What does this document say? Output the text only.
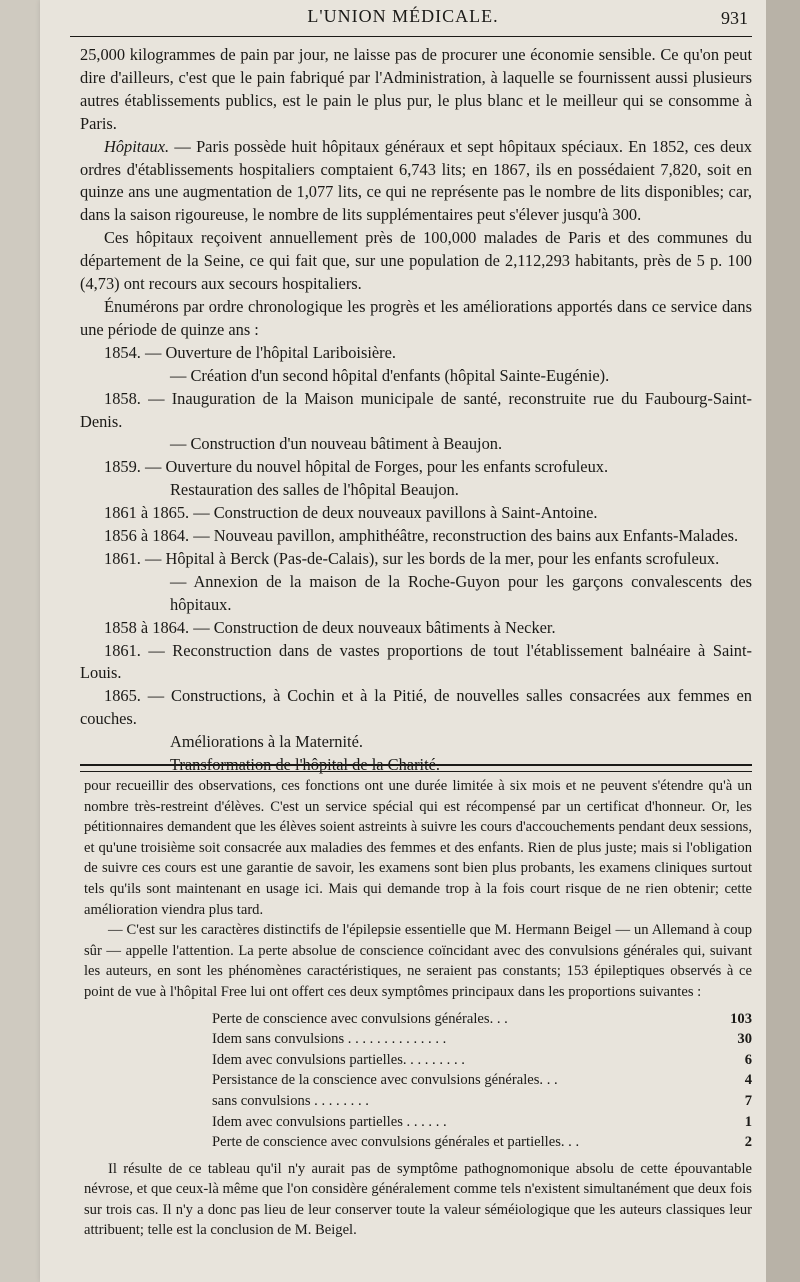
L'UNION MÉDICALE.	931

25,000 kilogrammes de pain par jour, ne laisse pas de procurer une économie sensible. Ce qu'on peut dire d'ailleurs, c'est que le pain fabriqué par l'Administration, à laquelle se fournissent aussi plusieurs autres établissements publics, est le pain le plus pur, le plus blanc et le meilleur qui se consomme à Paris.

Hôpitaux. — Paris possède huit hôpitaux généraux et sept hôpitaux spéciaux. En 1852, ces deux ordres d'établissements hospitaliers comptaient 6,743 lits; en 1867, ils en possédaient 7,820, soit en quinze ans une augmentation de 1,077 lits, ce qui ne représente pas le nombre de lits disponibles; car, dans la saison rigoureuse, le nombre de lits supplémentaires peut s'élever jusqu'à 300.

Ces hôpitaux reçoivent annuellement près de 100,000 malades de Paris et des communes du département de la Seine, ce qui fait que, sur une population de 2,112,293 habitants, près de 5 p. 100 (4,73) ont recours aux secours hospitaliers.

Énumérons par ordre chronologique les progrès et les améliorations apportés dans ce service dans une période de quinze ans :

1854. — Ouverture de l'hôpital Lariboisière.

— Création d'un second hôpital d'enfants (hôpital Sainte-Eugénie).

1858. — Inauguration de la Maison municipale de santé, reconstruite rue du Faubourg-Saint-Denis.

— Construction d'un nouveau bâtiment à Beaujon.

1859. — Ouverture du nouvel hôpital de Forges, pour les enfants scrofuleux.

Restauration des salles de l'hôpital Beaujon.

1861 à 1865. — Construction de deux nouveaux pavillons à Saint-Antoine.

1856 à 1864. — Nouveau pavillon, amphithéâtre, reconstruction des bains aux Enfants-Malades.

1861. — Hôpital à Berck (Pas-de-Calais), sur les bords de la mer, pour les enfants scrofuleux.

— Annexion de la maison de la Roche-Guyon pour les garçons convalescents des hôpitaux.

1858 à 1864. — Construction de deux nouveaux bâtiments à Necker.

1861. — Reconstruction dans de vastes proportions de tout l'établissement balnéaire à Saint-Louis.

1865. — Constructions, à Cochin et à la Pitié, de nouvelles salles consacrées aux femmes en couches.

Améliorations à la Maternité.

Transformation de l'hôpital de la Charité.

pour recueillir des observations, ces fonctions ont une durée limitée à six mois et ne peuvent s'étendre qu'à un nombre très-restreint d'élèves. C'est un service spécial qui est récompensé par un certificat d'honneur. Or, les pétitionnaires demandent que les élèves soient astreints à suivre les cours d'accouchements pendant deux sessions, et qu'une troisième soit consacrée aux maladies des femmes et des enfants. Rien de plus juste; mais si l'obligation de suivre ces cours est une garantie de savoir, les examens sont bien plus probants, les examens cliniques surtout tels qu'ils sont maintenant en usage ici. Mais qui demande trop à la fois court risque de ne rien obtenir; cette amélioration viendra plus tard.

— C'est sur les caractères distinctifs de l'épilepsie essentielle que M. Hermann Beigel — un Allemand à coup sûr — appelle l'attention. La perte absolue de conscience coïncidant avec des convulsions générales qui, suivant les auteurs, en sont les phénomènes caractéristiques, ne seraient pas constants; 153 épileptiques observés à ce point de vue à l'hôpital Free lui ont offert ces deux symptômes principaux dans les proportions suivantes :

Perte de conscience avec convulsions générales. . .	103
Idem sans convulsions . . . . . . . . . . . . . .	30
Idem avec convulsions partielles. . . . . . . . .	6
Persistance de la conscience avec convulsions générales. . .	4
sans convulsions . . . . . . . .	7
Idem avec convulsions partielles . . . . . .	1
Perte de conscience avec convulsions générales et partielles. . .	2

Il résulte de ce tableau qu'il n'y aurait pas de symptôme pathognomonique absolu de cette épouvantable névrose, et que ceux-là même que l'on considère généralement comme tels n'existent simultanément que deux fois sur trois cas. Il n'y a donc pas lieu de leur conserver toute la valeur séméiologique que les auteurs classiques leur attribuent; telle est la conclusion de M. Beigel.
